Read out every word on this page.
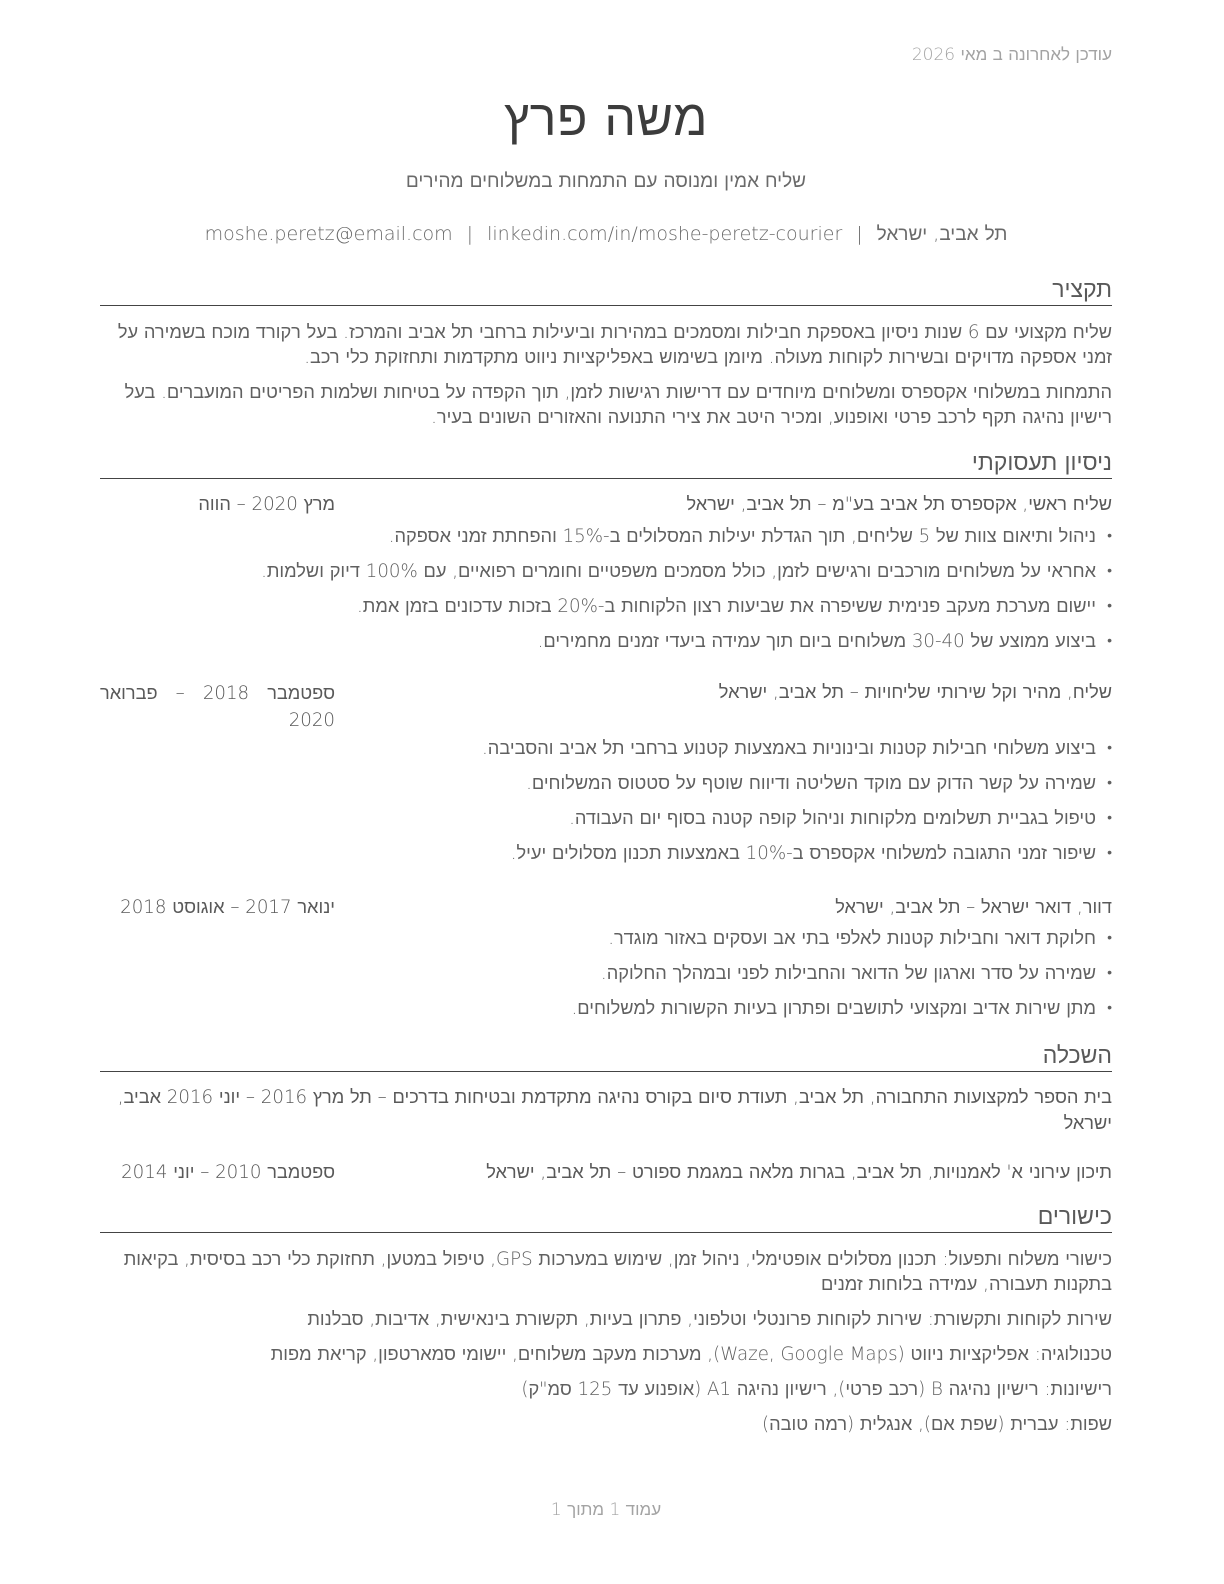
עודכן לאחרונה ב מאי 2026
משה פרץ
שליח אמין ומנוסה עם התמחות במשלוחים מהירים
תל אביב, ישראל|moshe.peretz@email.com | linkedin.com/in/moshe-peretz-courier
תקציר
שליח מקצועי עם 6 שנות ניסיון באספקת חבילות ומסמכים במהירות וביעילות ברחבי תל אביב והמרכז. בעל רקורד מוכח בשמירה על זמני אספקה מדויקים ובשירות לקוחות מעולה. מיומן בשימוש באפליקציות ניווט מתקדמות ותחזוקת כלי רכב.
התמחות במשלוחי אקספרס ומשלוחים מיוחדים עם דרישות רגישות לזמן, תוך הקפדה על בטיחות ושלמות הפריטים המועברים. בעל רישיון נהיגה תקף לרכב פרטי ואופנוע, ומכיר היטב את צירי התנועה והאזורים השונים בעיר.
ניסיון תעסוקתי
שליח ראשי, אקספרס תל אביב בע"מ – תל אביב, ישראל
מרץ 2020 – הווה
• ניהול ותיאום צוות של 5 שליחים, תוך הגדלת יעילות המסלולים ב-15% והפחתת זמני אספקה.
• אחראי על משלוחים מורכבים ורגישים לזמן, כולל מסמכים משפטיים וחומרים רפואיים, עם 100% דיוק ושלמות.
• יישום מערכת מעקב פנימית ששיפרה את שביעות רצון הלקוחות ב-20% בזכות עדכונים בזמן אמת.
• ביצוע ממוצע של 30-40 משלוחים ביום תוך עמידה ביעדי זמנים מחמירים.
שליח, מהיר וקל שירותי שליחויות – תל אביב, ישראל
ספטמבר 2018 – פברואר 2020
• ביצוע משלוחי חבילות קטנות ובינוניות באמצעות קטנוע ברחבי תל אביב והסביבה.
• שמירה על קשר הדוק עם מוקד השליטה ודיווח שוטף על סטטוס המשלוחים.
• טיפול בגביית תשלומים מלקוחות וניהול קופה קטנה בסוף יום העבודה.
• שיפור זמני התגובה למשלוחי אקספרס ב-10% באמצעות תכנון מסלולים יעיל.
דוור, דואר ישראל – תל אביב, ישראל
ינואר 2017 – אוגוסט 2018
• חלוקת דואר וחבילות קטנות לאלפי בתי אב ועסקים באזור מוגדר.
• שמירה על סדר וארגון של הדואר והחבילות לפני ובמהלך החלוקה.
• מתן שירות אדיב ומקצועי לתושבים ופתרון בעיות הקשורות למשלוחים.
השכלה
בית הספר למקצועות התחבורה, תל אביב, תעודת סיום בקורס נהיגה מתקדמת ובטיחות בדרכים – תל מרץ 2016 – יוני 2016 אביב, ישראל
תיכון עירוני א' לאמנויות, תל אביב, בגרות מלאה במגמת ספורט – תל אביב, ישראל
ספטמבר 2010 – יוני 2014
כישורים
כישורי משלוח ותפעול: תכנון מסלולים אופטימלי, ניהול זמן, שימוש במערכות GPS, טיפול במטען, תחזוקת כלי רכב בסיסית, בקיאות בתקנות תעבורה, עמידה בלוחות זמנים
שירות לקוחות ותקשורת: שירות לקוחות פרונטלי וטלפוני, פתרון בעיות, תקשורת בינאישית, אדיבות, סבלנות
טכנולוגיה: אפליקציות ניווט (Waze, Google Maps), מערכות מעקב משלוחים, יישומי סמארטפון, קריאת מפות
רישיונות: רישיון נהיגה B (רכב פרטי), רישיון נהיגה A1 (אופנוע עד 125 סמ"ק)
שפות: עברית (שפת אם), אנגלית (רמה טובה)
עמוד 1 מתוך 1
